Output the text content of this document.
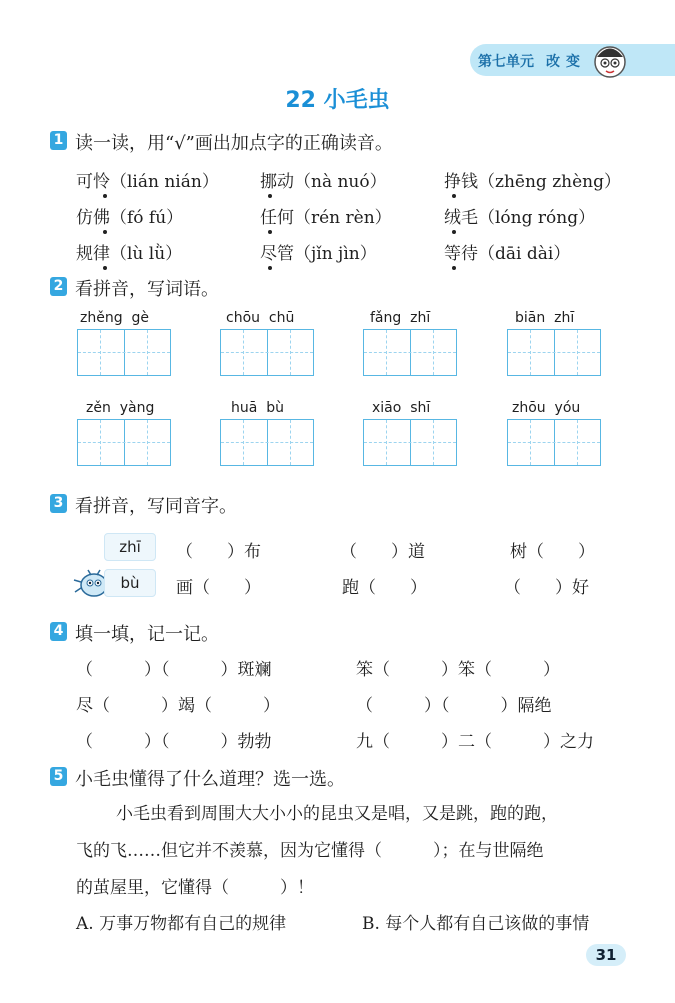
第七单元 改变
22 小毛虫
1 读一读，用“√”画出加点字的正确读音。
可怜（lián nián） 挪动（nà nuó）	挣钱（zhēng zhèng）
仿佛（fó fú）	任何（rén rèn）	绒毛（lóng róng）
规律（lù lǜ）	尽管（jǐn jìn）	等待（dāi dài）
2 看拼音，写词语。
zhěng  gè	chōu  chū	fǎng  zhī	biān  zhī
zěn  yàng	huā  bù	xiāo  shī	zhōu  yóu
3 看拼音，写同音字。
zhī	（　　）布	（　　）道	树（　　）
bù	画（　　）	跑（　　）	（　　）好
4 填一填，记一记。
（　　　）（　　　）斑斓	笨（　　　）笨（　　　）
尽（　　　）竭（　　　）	（　　　）（　　　）隔绝
（　　　）（　　　）勃勃	九（　　　）二（　　　）之力
5 小毛虫懂得了什么道理？选一选。
小毛虫看到周围大大小小的昆虫又是唱，又是跳，跑的跑，
飞的飞……但它并不羡慕，因为它懂得（　　　）；在与世隔绝
的茧屋里，它懂得（　　　）！
A. 万事万物都有自己的规律	B. 每个人都有自己该做的事情
31
